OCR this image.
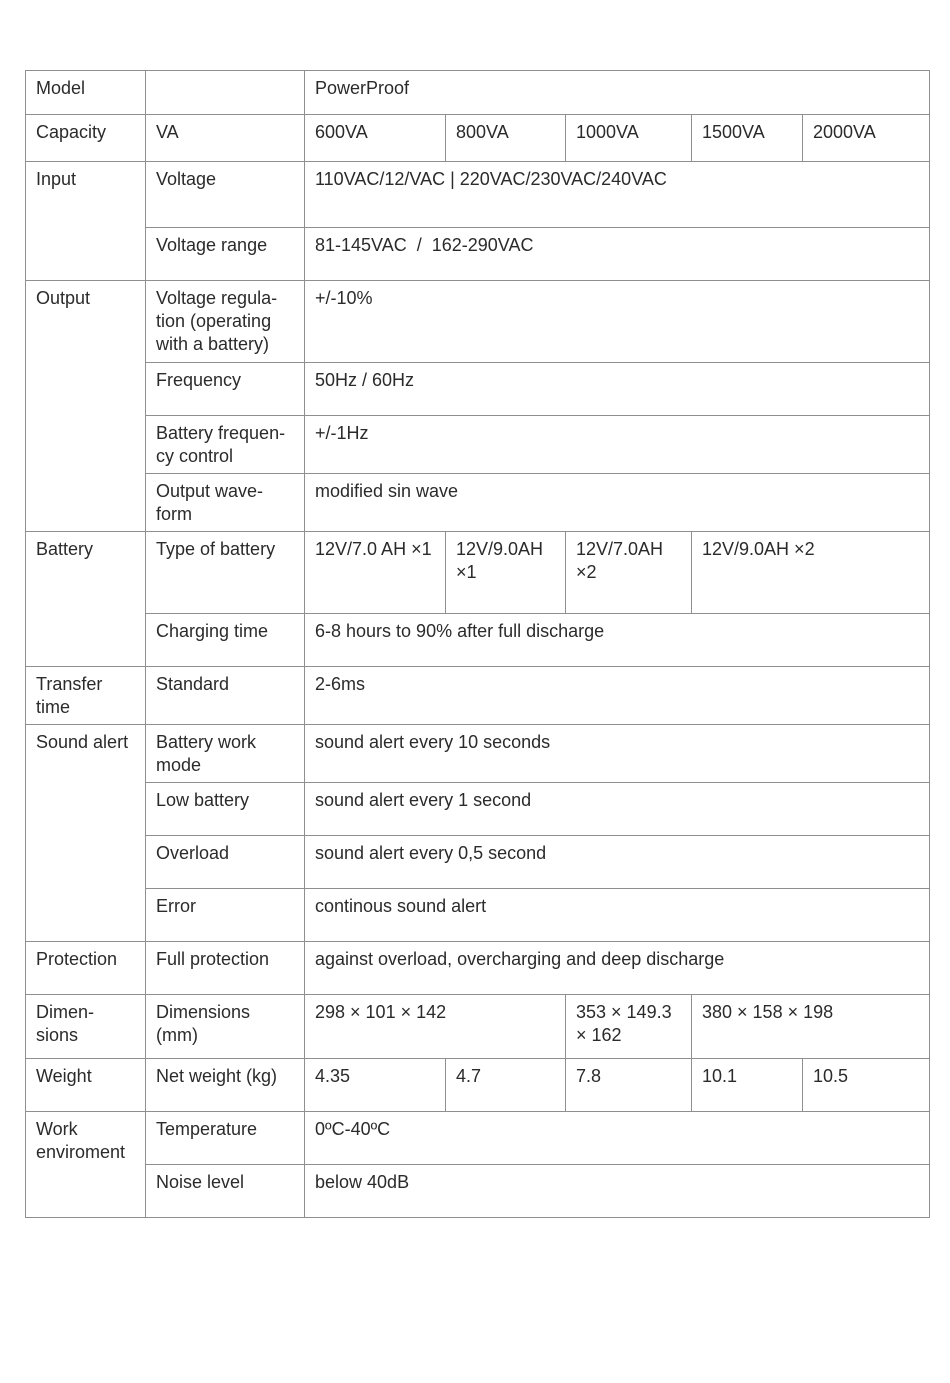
Model		PowerProof				
Capacity	VA	600VA	800VA	1000VA	1500VA	2000VA
Input	Voltage	110VAC/12/VAC | 220VAC/230VAC/240VAC				
	Voltage range	81-145VAC  /  162-290VAC				
Output	Voltage regula-tion (operating with a battery)	+/-10%				
	Frequency	50Hz / 60Hz				
	Battery frequen-cy control	+/-1Hz				
	Output wave-form	modified sin wave				
Battery	Type of battery	12V/7.0 AH ×1	12V/9.0AH ×1	12V/7.0AH ×2	12V/9.0AH ×2	
	Charging time	6-8 hours to 90% after full discharge				
Transfer time	Standard	2-6ms				
Sound alert	Battery work mode	sound alert every 10 seconds				
	Low battery	sound alert every 1 second				
	Overload	sound alert every 0,5 second				
	Error	continous sound alert				
Protection	Full protection	against overload, overcharging and deep discharge				
Dimen-sions	Dimensions (mm)	298 × 101 × 142		353 × 149.3 × 162	380 × 158 × 198	
Weight	Net weight (kg)	4.35	4.7	7.8	10.1	10.5
Work enviroment	Temperature	0ºC-40ºC				
	Noise level	below 40dB				
